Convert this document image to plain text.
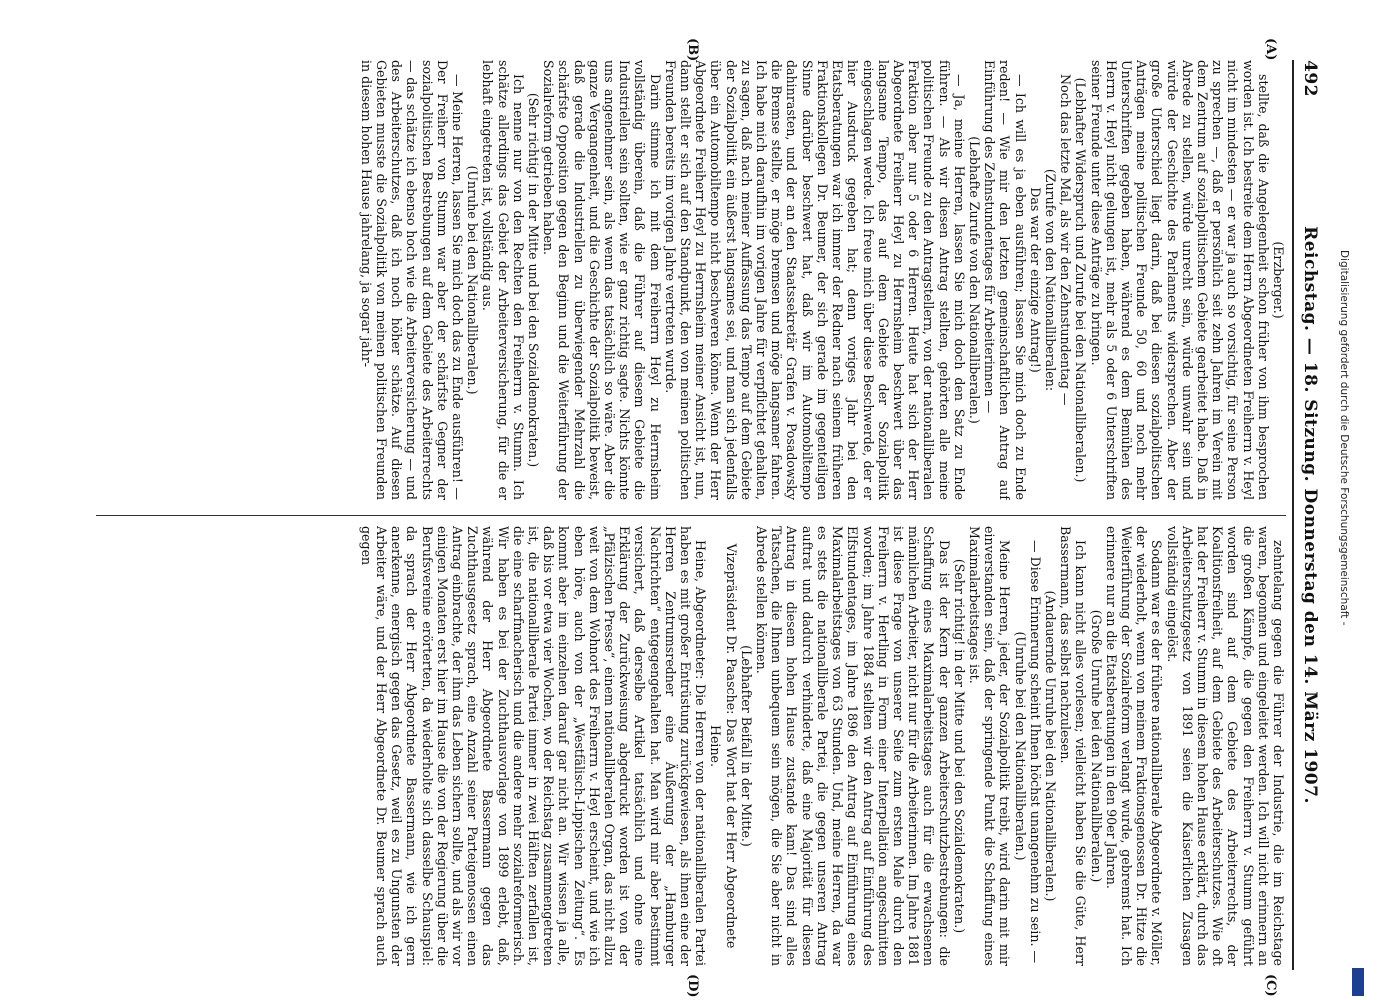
492
Reichstag. — 18. Sitzung. Donnerstag den 14. März 1907.
(A)
(B)
(C)
(D)

(Erzberger.)

stellte, daß die Angelegenheit schon früher von ihm besprochen worden ist. Ich bestreite dem Herrn Abgeordneten Freiherrn v. Heyl nicht im mindesten — er war ja auch so vorsichtig, für seine Person zu sprechen —, daß er persönlich seit zehn Jahren im Verein mit dem Zentrum auf sozialpolitischem Gebiete gearbeitet habe. Daß in Abrede zu stellen, würde unrecht sein, würde unwahr sein und würde der Geschichte des Parlaments widersprechen. Aber der große Unterschied liegt darin, daß bei diesen sozialpolitischen Anträgen meine politischen Freunde 50, 60 und noch mehr Unterschriften gegeben haben, während es dem Bemühen des Herrn v. Heyl nicht gelungen ist, mehr als 5 oder 6 Unterschriften seiner Freunde unter diese Anträge zu bringen.

(Lebhafter Widerspruch und Zurufe bei den Nationalliberalen.)

Noch das letzte Mal, als wir den Zehnstundentag —

(Zurufe von den Nationalliberalen:

Das war der einzige Antrag!)

— Ich will es ja eben ausführen; lassen Sie mich doch zu Ende reden! — Wie mir den letzten gemeinschaftlichen Antrag auf Einführung des Zehnstundentages für Arbeiterinnen —

(Lebhafte Zurufe von den Nationalliberalen.)

— Ja, meine Herren, lassen Sie mich doch den Satz zu Ende führen. — Als wir diesen Antrag stellten, gehörten alle meine politischen Freunde zu den Antragstellern, von der nationalliberalen Fraktion aber nur 5 oder 6 Herren. Heute hat sich der Herr Abgeordnete Freiherr Heyl zu Herrnsheim beschwert über das langsame Tempo, das auf dem Gebiete der Sozialpolitik eingeschlagen werde. Ich freue mich über diese Beschwerde, der er hier Ausdruck gegeben hat; denn voriges Jahr bei den Etatsberatungen war ich immer der Redner nach seinem früheren Fraktionskollegen Dr. Beumer, der sich gerade im gegenteiligen Sinne darüber beschwert hat, daß wir im Automobiltempo dahinrasten, und der an den Staatssekretär Grafen v. Posadowsky die Bremse stellte, er möge bremsen und möge langsamer fahren. Ich habe mich daraufhin im vorigen Jahre für verpflichtet gehalten, zu sagen, daß nach meiner Auffassung das Tempo auf dem Gebiete der Sozialpolitik ein äußerst langsames sei, und man sich jedenfalls über ein Automobiltempo nicht beschweren könne. Wenn der Herr Abgeordnete Freiherr Heyl zu Herrnsheim meiner Ansicht ist, nun, dann stellt er sich auf den Standpunkt, den von meinen politischen Freunden bereits im vorigen Jahre vertreten wurde.

Darin stimme ich mit dem Freiherrn Heyl zu Herrnsheim vollständig überein, daß die Führer auf diesem Gebiete die Industriellen sein sollten, wie er ganz richtig sagte. Nichts könnte uns angenehmer sein, als wenn das tatsächlich so wäre. Aber die ganze Vergangenheit, und die Geschichte der Sozialpolitik beweist, daß gerade die Industriellen zu überwiegender Mehrzahl die schärfste Opposition gegen den Beginn und die Weiterführung der Sozialreform getrieben haben.

(Sehr richtig! in der Mitte und bei den Sozialdemokraten.)

Ich nenne nur von den Rechten den Freiherrn v. Stumm. Ich schätze allerdings das Gebiet der Arbeiterversicherung, für die er lebhaft eingetreten ist, vollständig aus.

(Unruhe bei den Nationalliberalen.)

— Meine Herren, lassen Sie mich doch das zu Ende ausführen! — Der Freiherr von Stumm war aber der schärfste Gegner der sozialpolitischen Bestrebungen auf dem Gebiete des Arbeiterrechts — das schätze ich ebenso hoch wie die Arbeiterversicherung — und des Arbeiterschutzes, daß ich noch höher schätze. Auf diesen Gebieten musste die Sozialpolitik von meinen politischen Freunden in diesem hohen Hause jahrelang, ja sogar jahr-

zehntelang gegen die Führer der Industrie, die im Reichstage waren, begonnen und eingeleitet werden. Ich will nicht erinnern an die großen Kämpfe, die gegen den Freiherrn v. Stumm geführt worden sind auf dem Gebiete des Arbeiterrechts, der Koalitionsfreiheit, auf dem Gebiete des Arbeiterschutzes. Wie oft hat der Freiherr v. Stumm in diesem hohen Hause erklärt, durch das Arbeiterschutzgesetz von 1891 seien die Kaiserlichen Zusagen vollständig eingelöst.

Sodann war es der frühere nationalliberale Abgeordnete v. Möller, der wiederholt, wenn von meinem Fraktionsgenossen Dr. Hitze die Weiterführung der Sozialreform verlangt wurde, gebremst hat. Ich erinnere nur an die Etatsberatungen in den 90er Jahren.

(Große Unruhe bei den Nationalliberalen.)

Ich kann nicht alles vorlesen; vielleicht haben Sie die Güte, Herr Bassermann, das selbst nachzulesen.

(Andauernde Unruhe bei den Nationalliberalen.)

— Diese Erinnerung scheint Ihnen höchst unangenehm zu sein. —

(Unruhe bei den Nationalliberalen.)

Meine Herren, jeder, der Sozialpolitik treibt, wird darin mit mir einverstanden sein, daß der springende Punkt die Schaffung eines Maximalarbeitstages ist.

(Sehr richtig! in der Mitte und bei den Sozialdemokraten.)

Das ist der Kern der ganzen Arbeiterschutzbestrebungen: die Schaffung eines Maximalarbeitstages auch für die erwachsenen männlichen Arbeiter, nicht nur für die Arbeiterinnen. Im Jahre 1881 ist diese Frage von unserer Seite zum ersten Male durch den Freiherrn v. Hertling in Form einer Interpellation angeschnitten worden; im Jahre 1884 stellten wir den Antrag auf Einführung des Elfstundentages, im Jahre 1896 den Antrag auf Einführung eines Maximalarbeitstages von 63 Stunden. Und, meine Herren, da war es stets die nationalliberale Partei, die gegen unseren Antrag auftrat und dadurch verhinderte, daß eine Majorität für diesen Antrag in diesem hohen Hause zustande kam! Das sind alles Tatsachen, die Ihnen unbequem sein mögen, die Sie aber nicht in Abrede stellen können.

(Lebhafter Beifall in der Mitte.)

Vizepräsident Dr. Paasche: Das Wort hat der Herr Abgeordnete Heine.

Heine, Abgeordneter: Die Herren von der nationalliberalen Partei haben es mit großer Entrüstung zurückgewiesen, als ihnen eine der Herren Zentrumsredner eine Äußerung der „Hamburger Nachrichten“ entgegengehalten hat. Man wird mir aber bestimmt versichert, daß derselbe Artikel tatsächlich und ohne eine Erklärung der Zurückweisung abgedruckt worden ist von der „Pfälzischen Presse“, einem nationalliberalen Organ, das nicht allzu weit von dem Wohnort des Freiherrn v. Heyl erscheint, und wie ich eben höre, auch von der „Westfälisch-Lippischen Zeitung“. Es kommt aber im einzelnen darauf gar nicht an. Wir wissen ja alle, daß bis vor etwa vier Wochen, wo der Reichstag zusammengetreten ist, die nationalliberale Partei immer in zwei Hälften zerfallen ist, die eine scharfmacherisch und die andere mehr sozialreformerisch. Wir haben es bei der Zuchthausvorlage von 1899 erlebt, daß, während der Herr Abgeordnete Bassermann gegen das Zuchthausgesetz sprach, eine Anzahl seiner Parteigenossen einen Antrag einbrachte, der ihm das Leben sichern sollte, und als wir vor einigen Monaten erst hier im Hause die von der Regierung über die Berufsvereine erörterten, da wiederholte sich dasselbe Schauspiel: da sprach der Herr Abgeordnete Bassermann, wie ich gern anerkenne, energisch gegen das Gesetz, weil es zu Ungunsten der Arbeiter wäre, und der Herr Abgeordnete Dr. Beumer sprach auch gegen	Digitalisierung gefördert durch die Deutsche Forschungsgemeinschaft -
